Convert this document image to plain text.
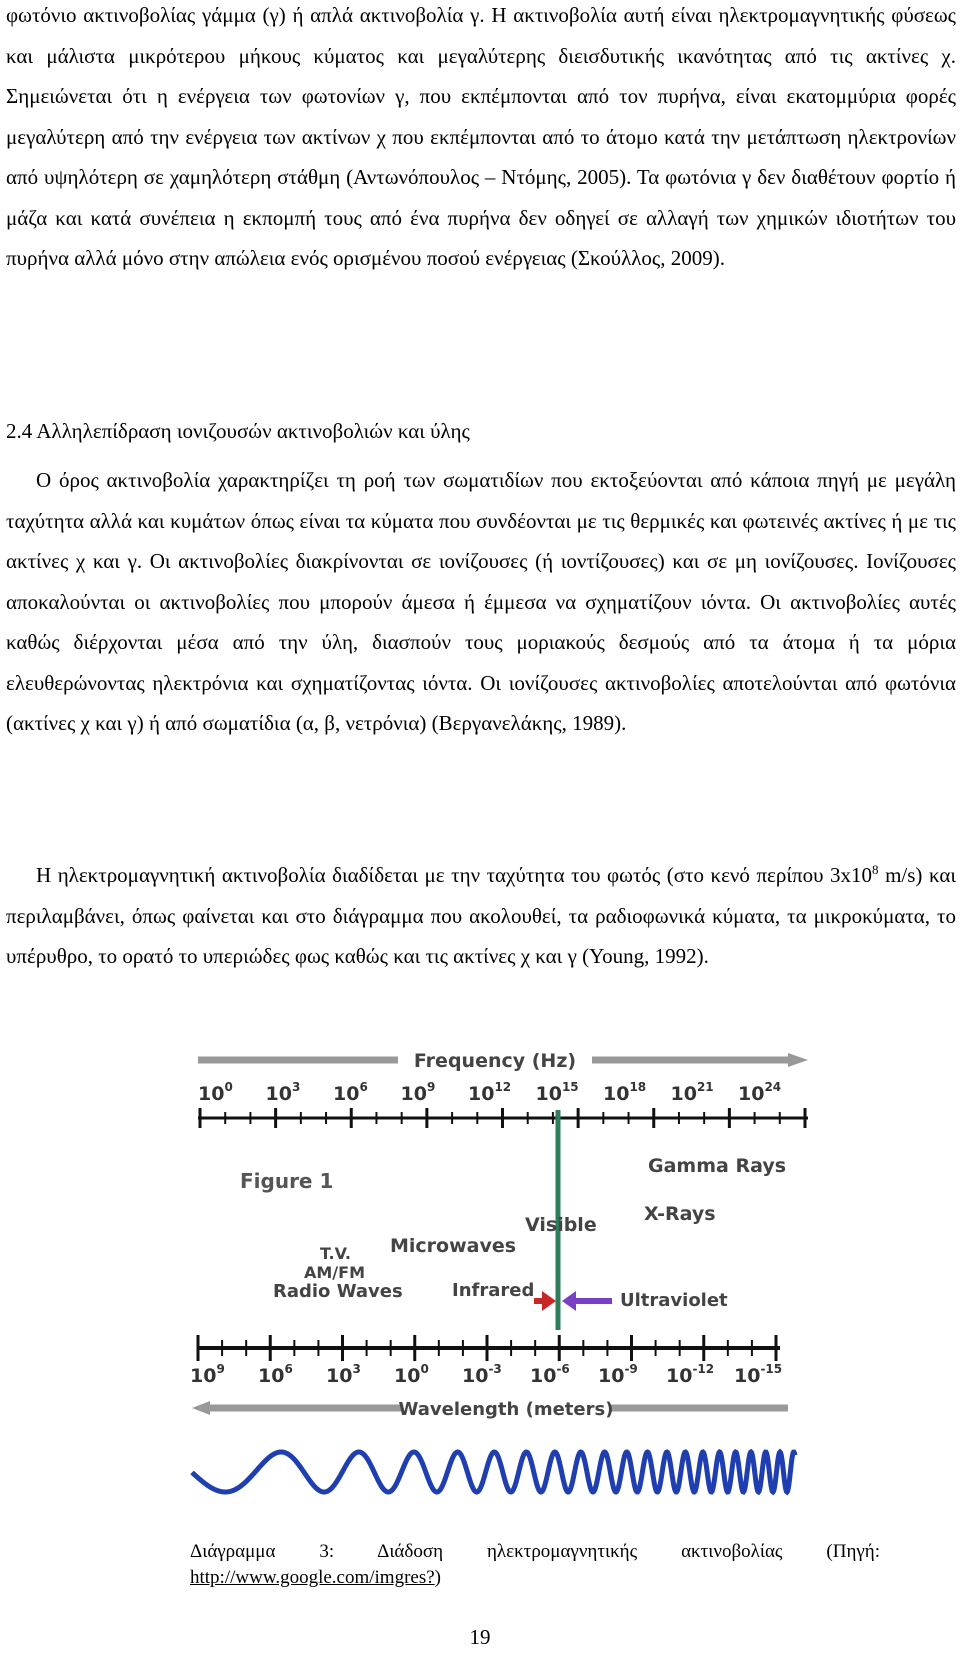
φωτόνιο ακτινοβολίας γάμμα (γ) ή απλά ακτινοβολία γ. Η ακτινοβολία αυτή είναι ηλεκτρομαγνητικής φύσεως και μάλιστα μικρότερου μήκους κύματος και μεγαλύτερης διεισδυτικής ικανότητας από τις ακτίνες χ. Σημειώνεται ότι η ενέργεια των φωτονίων γ, που εκπέμπονται από τον πυρήνα, είναι εκατομμύρια φορές μεγαλύτερη από την ενέργεια των ακτίνων χ που εκπέμπονται από το άτομο κατά την μετάπτωση ηλεκτρονίων από υψηλότερη σε χαμηλότερη στάθμη (Αντωνόπουλος – Ντόμης, 2005). Τα φωτόνια γ δεν διαθέτουν φορτίο ή μάζα και κατά συνέπεια η εκπομπή τους από ένα πυρήνα δεν οδηγεί σε αλλαγή των χημικών ιδιοτήτων του πυρήνα αλλά μόνο στην απώλεια ενός ορισμένου ποσού ενέργειας (Σκούλλος, 2009).

2.4 Αλληλεπίδραση ιονιζουσών ακτινοβολιών και ύλης

Ο όρος ακτινοβολία χαρακτηρίζει τη ροή των σωματιδίων που εκτοξεύονται από κάποια πηγή με μεγάλη ταχύτητα αλλά και κυμάτων όπως είναι τα κύματα που συνδέονται με τις θερμικές και φωτεινές ακτίνες ή με τις ακτίνες χ και γ. Οι ακτινοβολίες διακρίνονται σε ιονίζουσες (ή ιοντίζουσες) και σε μη ιονίζουσες. Ιονίζουσες αποκαλούνται οι ακτινοβολίες που μπορούν άμεσα ή έμμεσα να σχηματίζουν ιόντα. Οι ακτινοβολίες αυτές καθώς διέρχονται μέσα από την ύλη, διασπούν τους μοριακούς δεσμούς από τα άτομα ή τα μόρια ελευθερώνοντας ηλεκτρόνια και σχηματίζοντας ιόντα. Οι ιονίζουσες ακτινοβολίες αποτελούνται από φωτόνια (ακτίνες χ και γ) ή από σωματίδια (α, β, νετρόνια) (Βεργανελάκης, 1989).

Η ηλεκτρομαγνητική ακτινοβολία διαδίδεται με την ταχύτητα του φωτός (στο κενό περίπου $3x10^8$ m/s) και περιλαμβάνει, όπως φαίνεται και στο διάγραμμα που ακολουθεί, τα ραδιοφωνικά κύματα, τα μικροκύματα, το υπέρυθρο, το ορατό το υπεριώδες φως καθώς και τις ακτίνες χ και γ (Young, 1992).

Frequency (Hz)
$10^0$ $10^3$ $10^6$ $10^9$ $10^{12}$ $10^{15}$ $10^{18}$ $10^{21}$ $10^{24}$
Figure 1
Gamma Rays
X-Rays
Visible
T.V. Microwaves
AM/FM
Radio Waves	Infrared	Ultraviolet
$10^9$ $10^6$ $10^3$ $10^0$ $10^{-3}$ $10^{-6}$ $10^{-9}$ $10^{-12}$ $10^{-15}$
Wavelength (meters)

Διάγραμμα 3: Διάδοση ηλεκτρομαγνητικής ακτινοβολίας (Πηγή:

http://www.google.com/imgres?)

19
